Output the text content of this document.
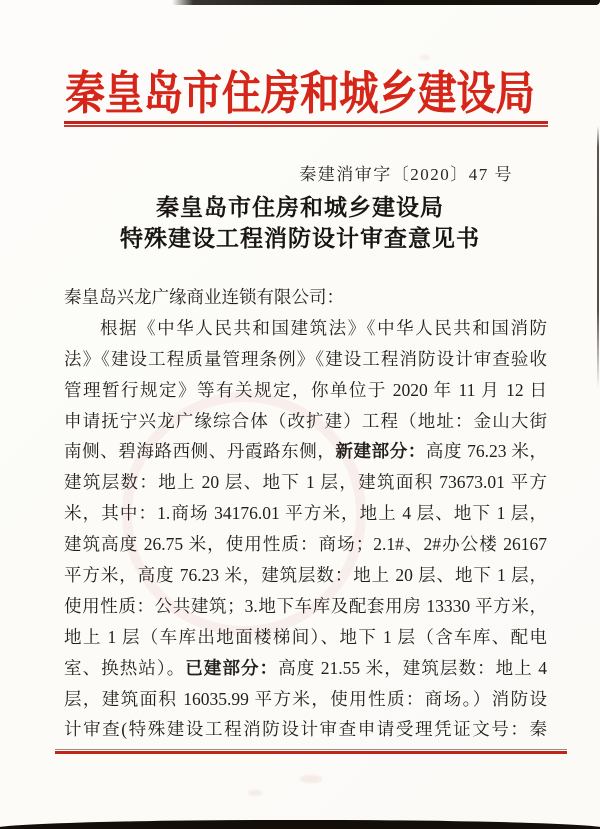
秦皇岛市住房和城乡建设局
秦建消审字〔2020〕47 号
秦皇岛市住房和城乡建设局
特殊建设工程消防设计审查意见书
秦皇岛兴龙广缘商业连锁有限公司：
根据《中华人民共和国建筑法》《中华人民共和国消防
法》《建设工程质量管理条例》《建设工程消防设计审查验收
管理暂行规定》等有关规定，你单位于 2020 年 11 月 12 日
申请抚宁兴龙广缘综合体（改扩建）工程（地址：金山大街
南侧、碧海路西侧、丹霞路东侧，新建部分：高度 76.23 米，
建筑层数：地上 20 层、地下 1 层，建筑面积 73673.01 平方
米，其中：1.商场 34176.01 平方米，地上 4 层、地下 1 层，
建筑高度 26.75 米，使用性质：商场；2.1#、2#办公楼 26167
平方米，高度 76.23 米，建筑层数：地上 20 层、地下 1 层，
使用性质：公共建筑；3.地下车库及配套用房 13330 平方米，
地上 1 层（车库出地面楼梯间）、地下 1 层（含车库、配电
室、换热站）。已建部分：高度 21.55 米，建筑层数：地上 4
层，建筑面积 16035.99 平方米，使用性质：商场。）消防设
计审查(特殊建设工程消防设计审查申请受理凭证文号：秦
